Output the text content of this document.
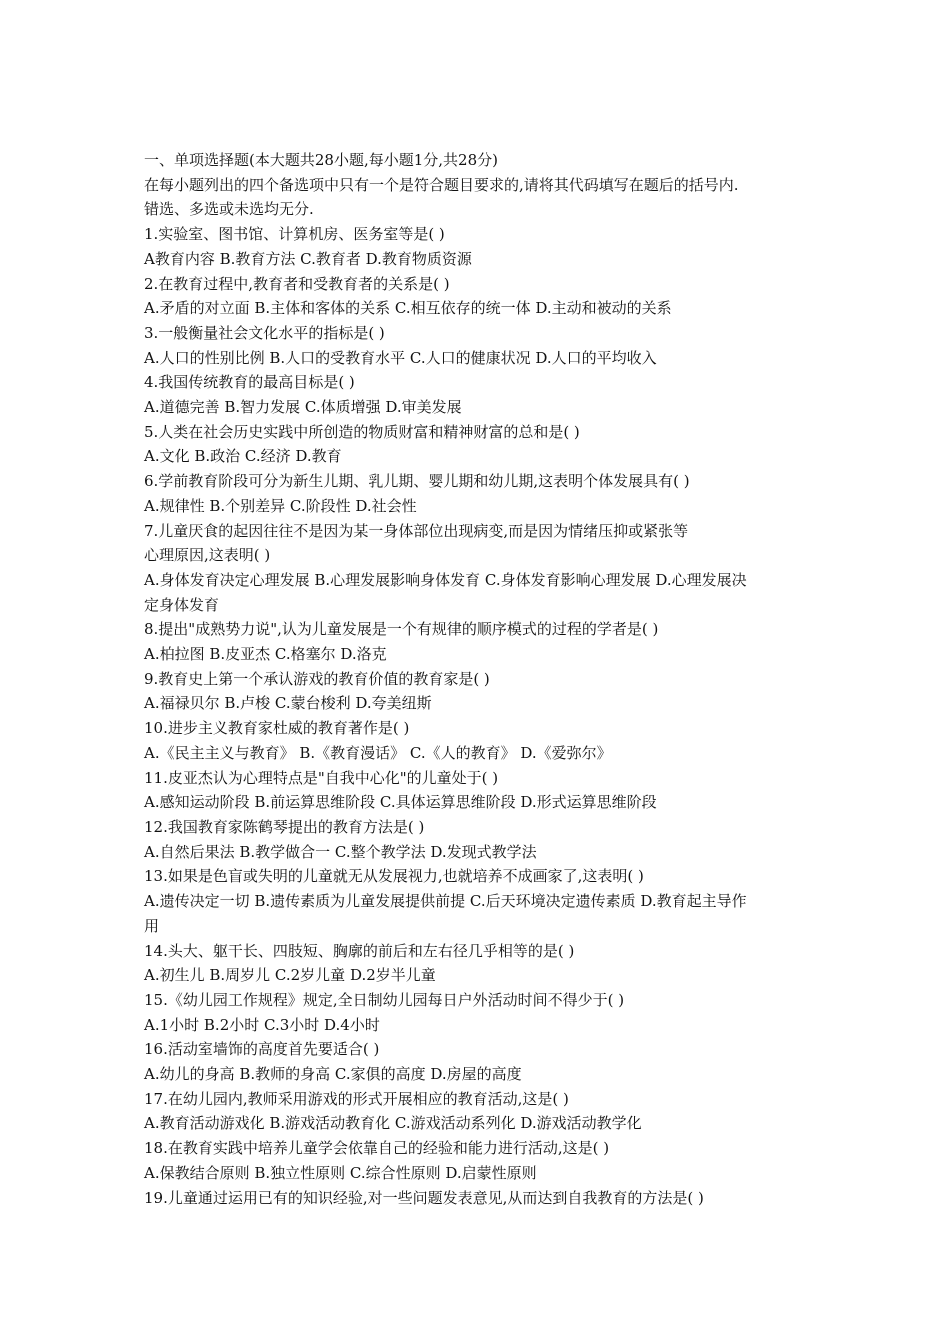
一、单项选择题(本大题共28小题,每小题1分,共28分)

在每小题列出的四个备选项中只有一个是符合题目要求的,请将其代码填写在题后的括号内.

错选、多选或未选均无分.

1.实验室、图书馆、计算机房、医务室等是( )

A教育内容 B.教育方法 C.教育者 D.教育物质资源

2.在教育过程中,教育者和受教育者的关系是( )

A.矛盾的对立面 B.主体和客体的关系 C.相互依存的统一体 D.主动和被动的关系

3.一般衡量社会文化水平的指标是( )

A.人口的性别比例 B.人口的受教育水平 C.人口的健康状况 D.人口的平均收入

4.我国传统教育的最高目标是( )

A.道德完善 B.智力发展 C.体质增强 D.审美发展

5.人类在社会历史实践中所创造的物质财富和精神财富的总和是( )

A.文化 B.政治 C.经济 D.教育

6.学前教育阶段可分为新生儿期、乳儿期、婴儿期和幼儿期,这表明个体发展具有( )

A.规律性 B.个别差异 C.阶段性 D.社会性

7.儿童厌食的起因往往不是因为某一身体部位出现病变,而是因为情绪压抑或紧张等

心理原因,这表明( )

A.身体发育决定心理发展 B.心理发展影响身体发育 C.身体发育影响心理发展 D.心理发展决

定身体发育

8.提出"成熟势力说",认为儿童发展是一个有规律的顺序模式的过程的学者是( )

A.柏拉图 B.皮亚杰 C.格塞尔 D.洛克

9.教育史上第一个承认游戏的教育价值的教育家是( )

A.福禄贝尔 B.卢梭 C.蒙台梭利 D.夸美纽斯

10.进步主义教育家杜威的教育著作是( )

A.《民主主义与教育》 B.《教育漫话》 C.《人的教育》 D.《爱弥尔》

11.皮亚杰认为心理特点是"自我中心化"的儿童处于( )

A.感知运动阶段 B.前运算思维阶段 C.具体运算思维阶段 D.形式运算思维阶段

12.我国教育家陈鹤琴提出的教育方法是( )

A.自然后果法 B.教学做合一 C.整个教学法 D.发现式教学法

13.如果是色盲或失明的儿童就无从发展视力,也就培养不成画家了,这表明( )

A.遗传决定一切 B.遗传素质为儿童发展提供前提 C.后天环境决定遗传素质 D.教育起主导作

用

14.头大、躯干长、四肢短、胸廓的前后和左右径几乎相等的是( )

A.初生儿 B.周岁儿 C.2岁儿童 D.2岁半儿童

15.《幼儿园工作规程》规定,全日制幼儿园每日户外活动时间不得少于( )

A.1小时 B.2小时 C.3小时 D.4小时

16.活动室墙饰的高度首先要适合( )

A.幼儿的身高 B.教师的身高 C.家俱的高度 D.房屋的高度

17.在幼儿园内,教师采用游戏的形式开展相应的教育活动,这是( )

A.教育活动游戏化 B.游戏活动教育化 C.游戏活动系列化 D.游戏活动教学化

18.在教育实践中培养儿童学会依靠自己的经验和能力进行活动,这是( )

A.保教结合原则 B.独立性原则 C.综合性原则 D.启蒙性原则

19.儿童通过运用已有的知识经验,对一些问题发表意见,从而达到自我教育的方法是( )
